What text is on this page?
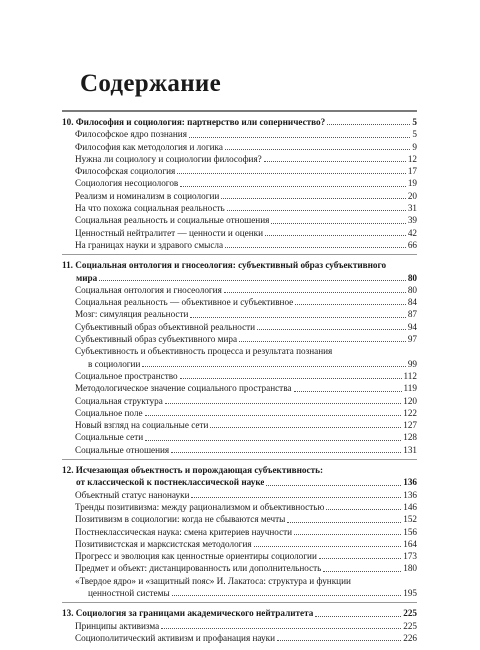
Содержание
10. Философия и социология: партнерство или соперничество?	5
Философское ядро познания	5
Философия как методология и логика	9
Нужна ли социологу и социологии философия?	12
Философская социология	17
Социология несоциологов	19
Реализм и номинализм в социологии	20
На что похожа социальная реальность	31
Социальная реальность и социальные отношения	39
Ценностный нейтралитет — ценности и оценки	42
На границах науки и здравого смысла	66
11. Социальная онтология и гносеология: субъективный образ субъективного
мира	80
Социальная онтология и гносеология	80
Социальная реальность — объективное и субъективное	84
Мозг: симуляция реальности	87
Субъективный образ объективной реальности	94
Субъективный образ субъективного мира	97
Субъективность и объективность процесса и результата познания
в социологии	99
Социальное пространство	112
Методологическое значение социального пространства	119
Социальная структура	120
Социальное поле	122
Новый взгляд на социальные сети	127
Социальные сети	128
Социальные отношения	131
12. Исчезающая объектность и порождающая субъективность:
от классической к постнеклассической науке	136
Объектный статус нанонауки	136
Тренды позитивизма: между рационализмом и объективностью	146
Позитивизм в социологии: когда не сбываются мечты	152
Постнеклассическая наука: смена критериев научности	156
Позитивистская и марксистская методология	164
Прогресс и эволюция как ценностные ориентиры социологии	173
Предмет и объект: дистанцированность или дополнительность	180
«Твердое ядро» и «защитный пояс» И. Лакатоса: структура и функции
ценностной системы	195
13. Социология за границами академического нейтралитета	225
Принципы активизма	225
Социополитический активизм и профанация науки	226
